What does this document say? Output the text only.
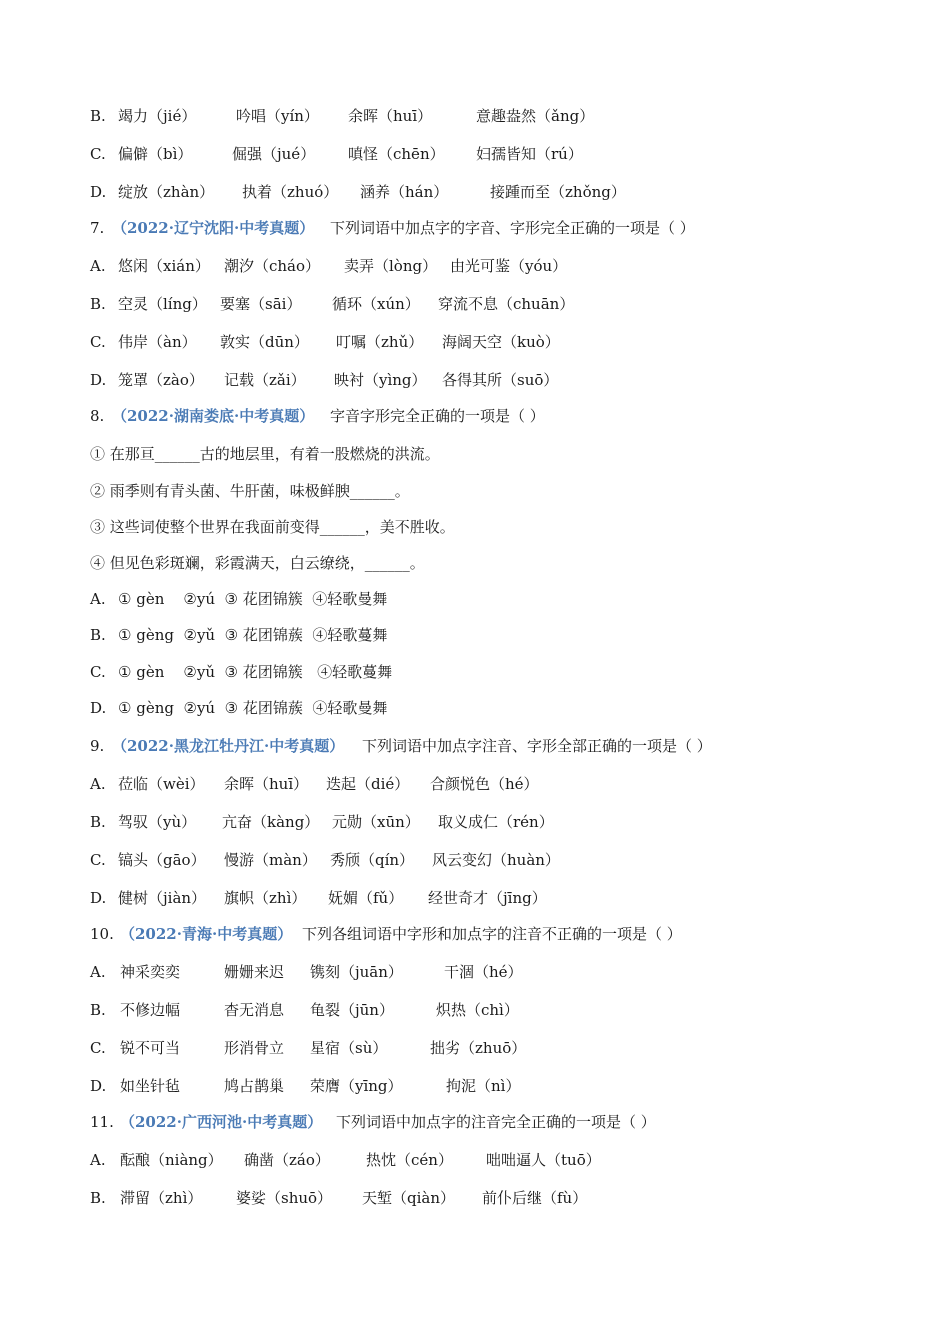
B. 竭力（jié）	吟唱（yín） 余晖（huī）	意趣盎然（ǎng）
C. 偏僻（bì）	倔强（jué） 嗔怪（chēn） 妇孺皆知（rú）
D. 绽放（zhàn） 执着（zhuó） 涵养（hán）	接踵而至（zhǒng）
7. （2022·辽宁沈阳·中考真题） 下列词语中加点字的字音、字形完全正确的一项是（ ）
A. 悠闲（xián） 潮汐（cháo） 卖弄（lòng） 由光可鉴（yóu）
B. 空灵（líng） 要塞（sāi） 循环（xún） 穿流不息（chuān）
C. 伟岸（àn） 敦实（dūn） 叮嘱（zhǔ） 海阔天空（kuò）
D. 笼罩（zào） 记载（zǎi） 映衬（yìng） 各得其所（suō）
8. （2022·湖南娄底·中考真题） 字音字形完全正确的一项是（ ）
① 在那亘______古的地层里，有着一股燃烧的洪流。
② 雨季则有青头菌、牛肝菌，味极鲜腴______。
③ 这些词使整个世界在我面前变得______，美不胜收。
④ 但见色彩斑斓，彩霞满天，白云缭绕，______。
A. ① gèn    ②yú  ③ 花团锦簇  ④轻歌曼舞
B. ① gèng  ②yǔ  ③ 花团锦蔟  ④轻歌蔓舞
C. ① gèn    ②yǔ  ③ 花团锦簇   ④轻歌蔓舞
D. ① gèng  ②yú  ③ 花团锦蔟  ④轻歌曼舞
9. （2022·黑龙江牡丹江·中考真题） 下列词语中加点字注音、字形全部正确的一项是（ ）
A. 莅临（wèi） 余晖（huī） 迭起（dié） 合颜悦色（hé）
B. 驾驭（yù） 亢奋（kàng） 元勋（xūn） 取义成仁（rén）
C. 镐头（gāo） 慢游（màn） 秀颀（qín） 风云变幻（huàn）
D. 健树（jiàn） 旗帜（zhì） 妩媚（fǔ） 经世奇才（jīng）
10. （2022·青海·中考真题） 下列各组词语中字形和加点字的注音不正确的一项是（ ）
A. 神采奕奕	姗姗来迟 镌刻（juān）	干涸（hé）
B. 不修边幅	杳无消息 龟裂（jūn）	炽热（chì）
C. 锐不可当	形消骨立 星宿（sù）	拙劣（zhuō）
D. 如坐针毡	鸠占鹊巢 荣膺（yīng）	拘泥（nì）
11. （2022·广西河池·中考真题） 下列词语中加点字的注音完全正确的一项是（ ）
A. 酝酿（niàng） 确凿（záo） 热忱（cén） 咄咄逼人（tuō）
B. 滞留（zhì） 婆娑（shuō） 天堑（qiàn） 前仆后继（fù）
